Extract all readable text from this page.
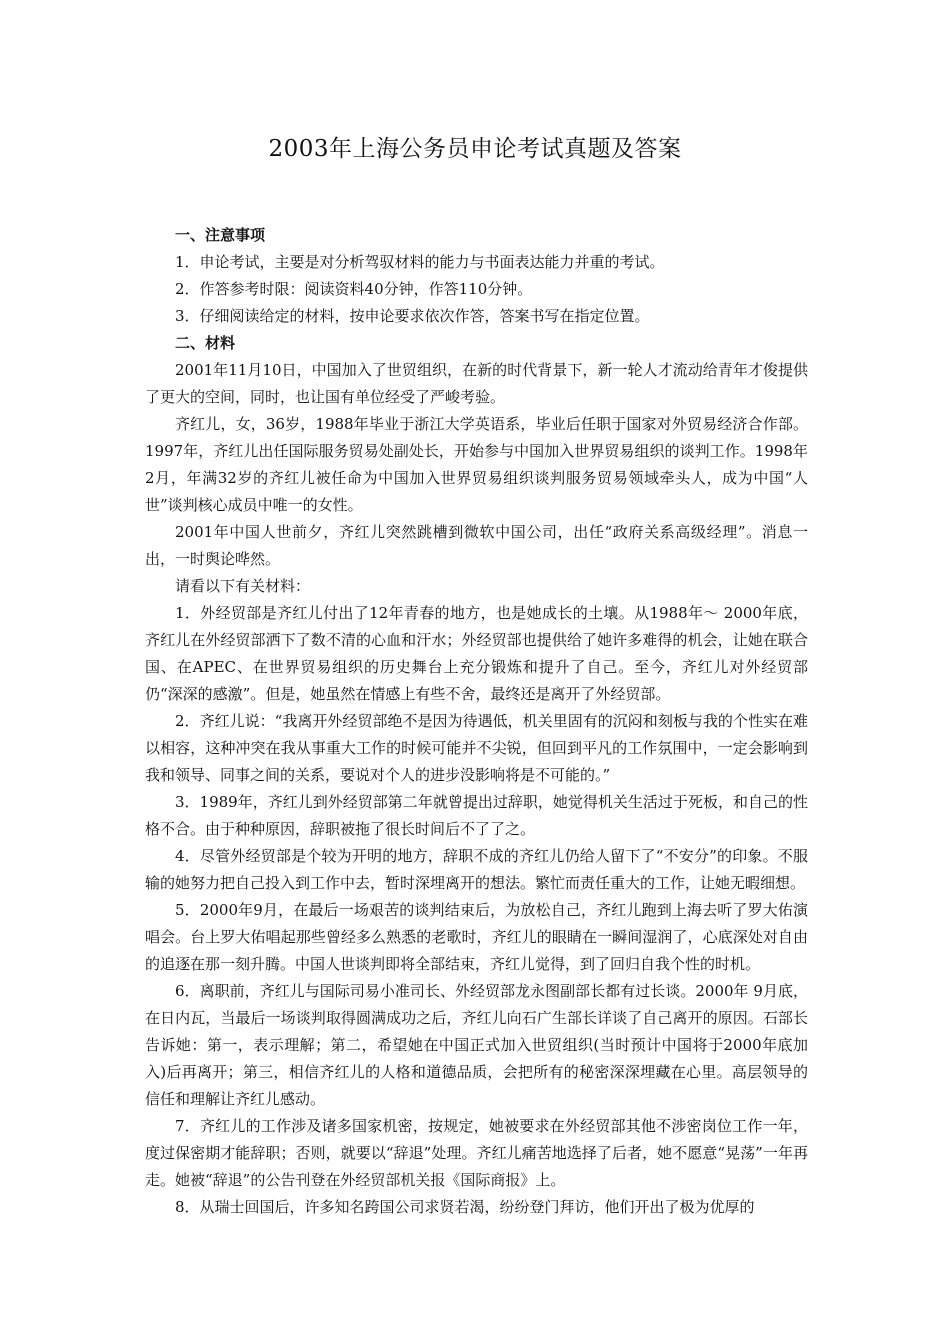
2003年上海公务员申论考试真题及答案

一、注意事项

1．申论考试，主要是对分析驾驭材料的能力与书面表达能力并重的考试。

2．作答参考时限：阅读资料40分钟，作答110分钟。

3．仔细阅读给定的材料，按申论要求依次作答，答案书写在指定位置。

二、材料

2001年11月10日，中国加入了世贸组织，在新的时代背景下，新一轮人才流动给青年才俊提供了更大的空间，同时，也让国有单位经受了严峻考验。

齐红儿，女，36岁，1988年毕业于浙江大学英语系，毕业后任职于国家对外贸易经济合作部。1997年，齐红儿出任国际服务贸易处副处长，开始参与中国加入世界贸易组织的谈判工作。1998年2月，年满32岁的齐红儿被任命为中国加入世界贸易组织谈判服务贸易领域牵头人，成为中国“人世”谈判核心成员中唯一的女性。

2001年中国人世前夕，齐红儿突然跳槽到微软中国公司，出任“政府关系高级经理”。消息一出，一时舆论哗然。

请看以下有关材料：

1．外经贸部是齐红儿付出了12年青春的地方，也是她成长的土壤。从1988年～ 2000年底，齐红儿在外经贸部洒下了数不清的心血和汗水；外经贸部也提供给了她许多难得的机会，让她在联合国、在APEC、在世界贸易组织的历史舞台上充分锻炼和提升了自己。至今，齐红儿对外经贸部仍“深深的感激”。但是，她虽然在情感上有些不舍，最终还是离开了外经贸部。

2．齐红儿说：“我离开外经贸部绝不是因为待遇低，机关里固有的沉闷和刻板与我的个性实在难以相容，这种冲突在我从事重大工作的时候可能并不尖锐，但回到平凡的工作氛围中，一定会影响到我和领导、同事之间的关系，要说对个人的进步没影响将是不可能的。”

3．1989年，齐红儿到外经贸部第二年就曾提出过辞职，她觉得机关生活过于死板，和自己的性格不合。由于种种原因，辞职被拖了很长时间后不了了之。

4．尽管外经贸部是个较为开明的地方，辞职不成的齐红儿仍给人留下了“不安分”的印象。不服输的她努力把自己投入到工作中去，暂时深埋离开的想法。繁忙而责任重大的工作，让她无暇细想。

5．2000年9月，在最后一场艰苦的谈判结束后，为放松自己，齐红儿跑到上海去听了罗大佑演唱会。台上罗大佑唱起那些曾经多么熟悉的老歌时，齐红儿的眼睛在一瞬间湿润了，心底深处对自由的追逐在那一刻升腾。中国人世谈判即将全部结束，齐红儿觉得，到了回归自我个性的时机。

6．离职前，齐红儿与国际司易小准司长、外经贸部龙永图副部长都有过长谈。2000年 9月底，在日内瓦，当最后一场谈判取得圆满成功之后，齐红儿向石广生部长详谈了自己离开的原因。石部长告诉她：第一，表示理解；第二，希望她在中国正式加入世贸组织(当时预计中国将于2000年底加入)后再离开；第三，相信齐红儿的人格和道德品质，会把所有的秘密深深埋藏在心里。高层领导的信任和理解让齐红儿感动。

7．齐红儿的工作涉及诸多国家机密，按规定，她被要求在外经贸部其他不涉密岗位工作一年，度过保密期才能辞职；否则，就要以“辞退”处理。齐红儿痛苦地选择了后者，她不愿意“晃荡”一年再走。她被“辞退”的公告刊登在外经贸部机关报《国际商报》上。

8．从瑞士回国后，许多知名跨国公司求贤若渴，纷纷登门拜访，他们开出了极为优厚的
